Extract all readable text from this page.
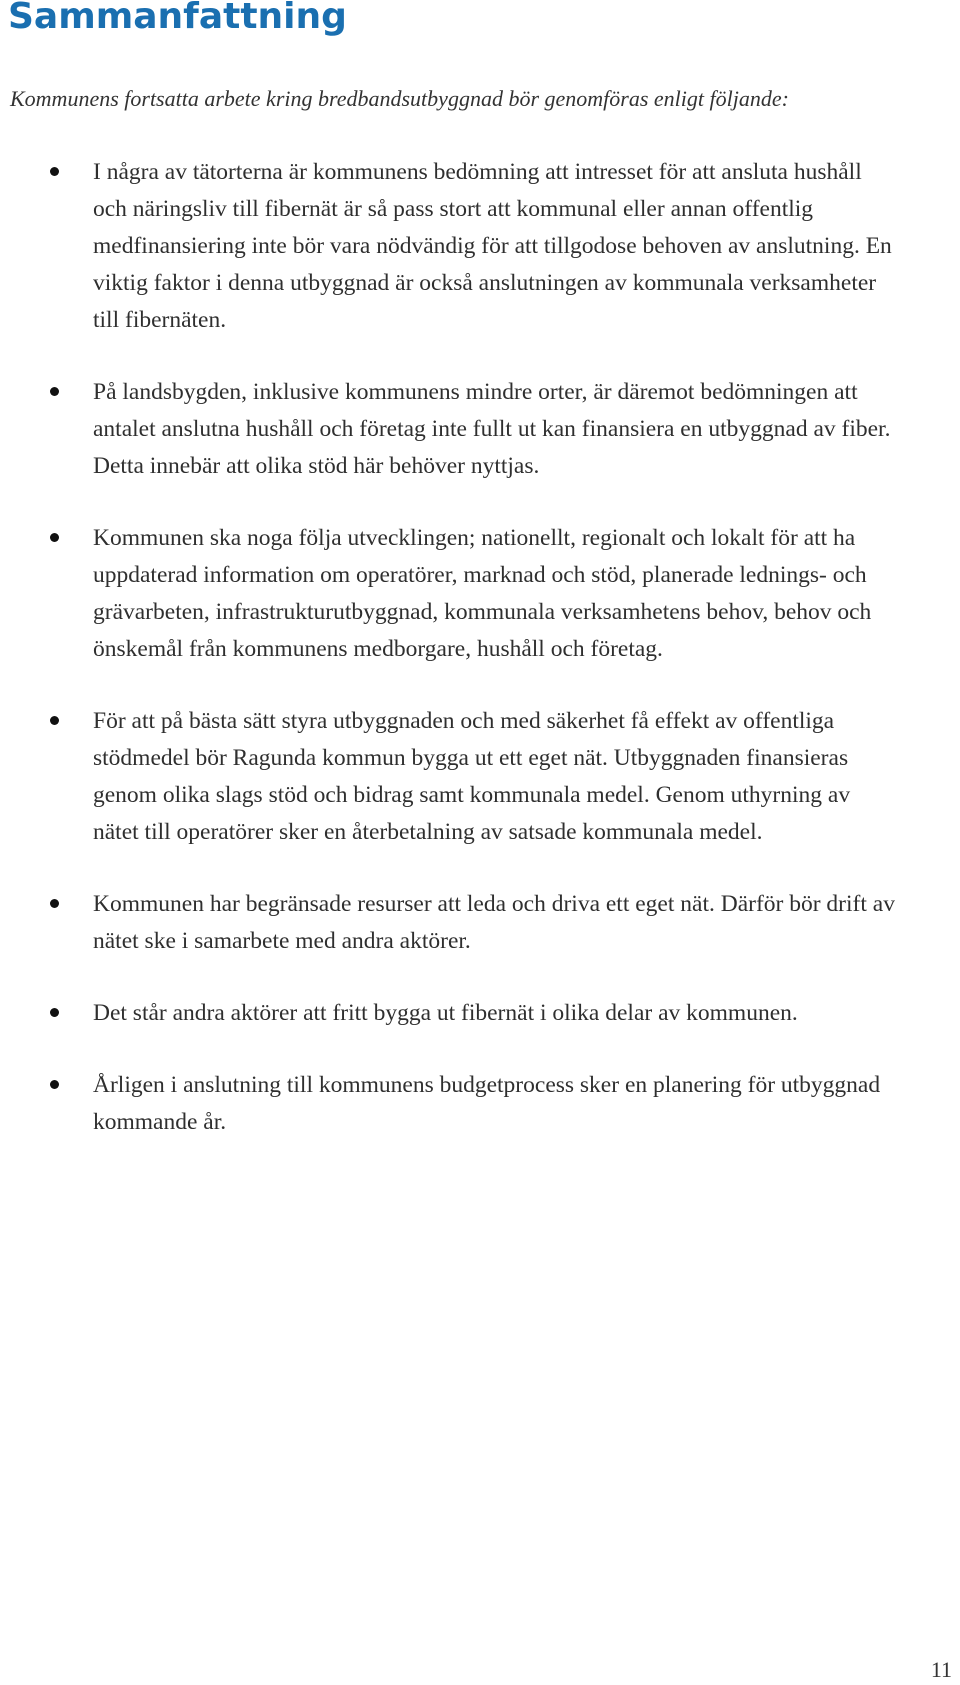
Sammanfattning

Kommunens fortsatta arbete kring bredbandsutbyggnad bör genomföras enligt följande:

I några av tätorterna är kommunens bedömning att intresset för att ansluta hushåll och näringsliv till fibernät är så pass stort att kommunal eller annan offentlig medfinansiering inte bör vara nödvändig för att tillgodose behoven av anslutning. En viktig faktor i denna utbyggnad är också anslutningen av kommunala verksamheter till fibernäten.
På landsbygden, inklusive kommunens mindre orter, är däremot bedömningen att antalet anslutna hushåll och företag inte fullt ut kan finansiera en utbyggnad av fiber. Detta innebär att olika stöd här behöver nyttjas.
Kommunen ska noga följa utvecklingen; nationellt, regionalt och lokalt för att ha uppdaterad information om operatörer, marknad och stöd, planerade lednings- och grävarbeten, infrastrukturutbyggnad, kommunala verksamhetens behov, behov och önskemål från kommunens medborgare, hushåll och företag.
För att på bästa sätt styra utbyggnaden och med säkerhet få effekt av offentliga stödmedel bör Ragunda kommun bygga ut ett eget nät. Utbyggnaden finansieras genom olika slags stöd och bidrag samt kommunala medel. Genom uthyrning av nätet till operatörer sker en återbetalning av satsade kommunala medel.
Kommunen har begränsade resurser att leda och driva ett eget nät. Därför bör drift av nätet ske i samarbete med andra aktörer.
Det står andra aktörer att fritt bygga ut fibernät i olika delar av kommunen.
Årligen i anslutning till kommunens budgetprocess sker en planering för utbyggnad kommande år.

11
